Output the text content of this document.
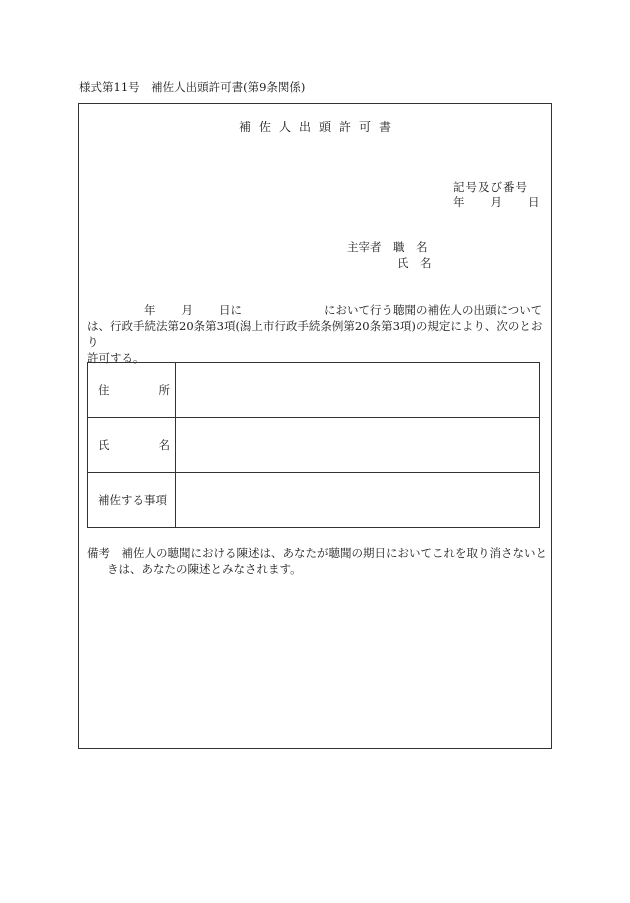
様式第11号　補佐人出頭許可書(第9条関係)
補 佐 人 出 頭 許 可 書
記号及び番号
年 月 日
主宰者　職　名
氏　名
年 月 日に	において行う聴聞の補佐人の出頭について
は、行政手続法第20条第3項(潟上市行政手続条例第20条第3項)の規定により、次のとおり
許可する。
住 所	

氏 名	

補佐する事項	
備考　補佐人の聴聞における陳述は、あなたが聴聞の期日においてこれを取り消さないと
きは、あなたの陳述とみなされます。
